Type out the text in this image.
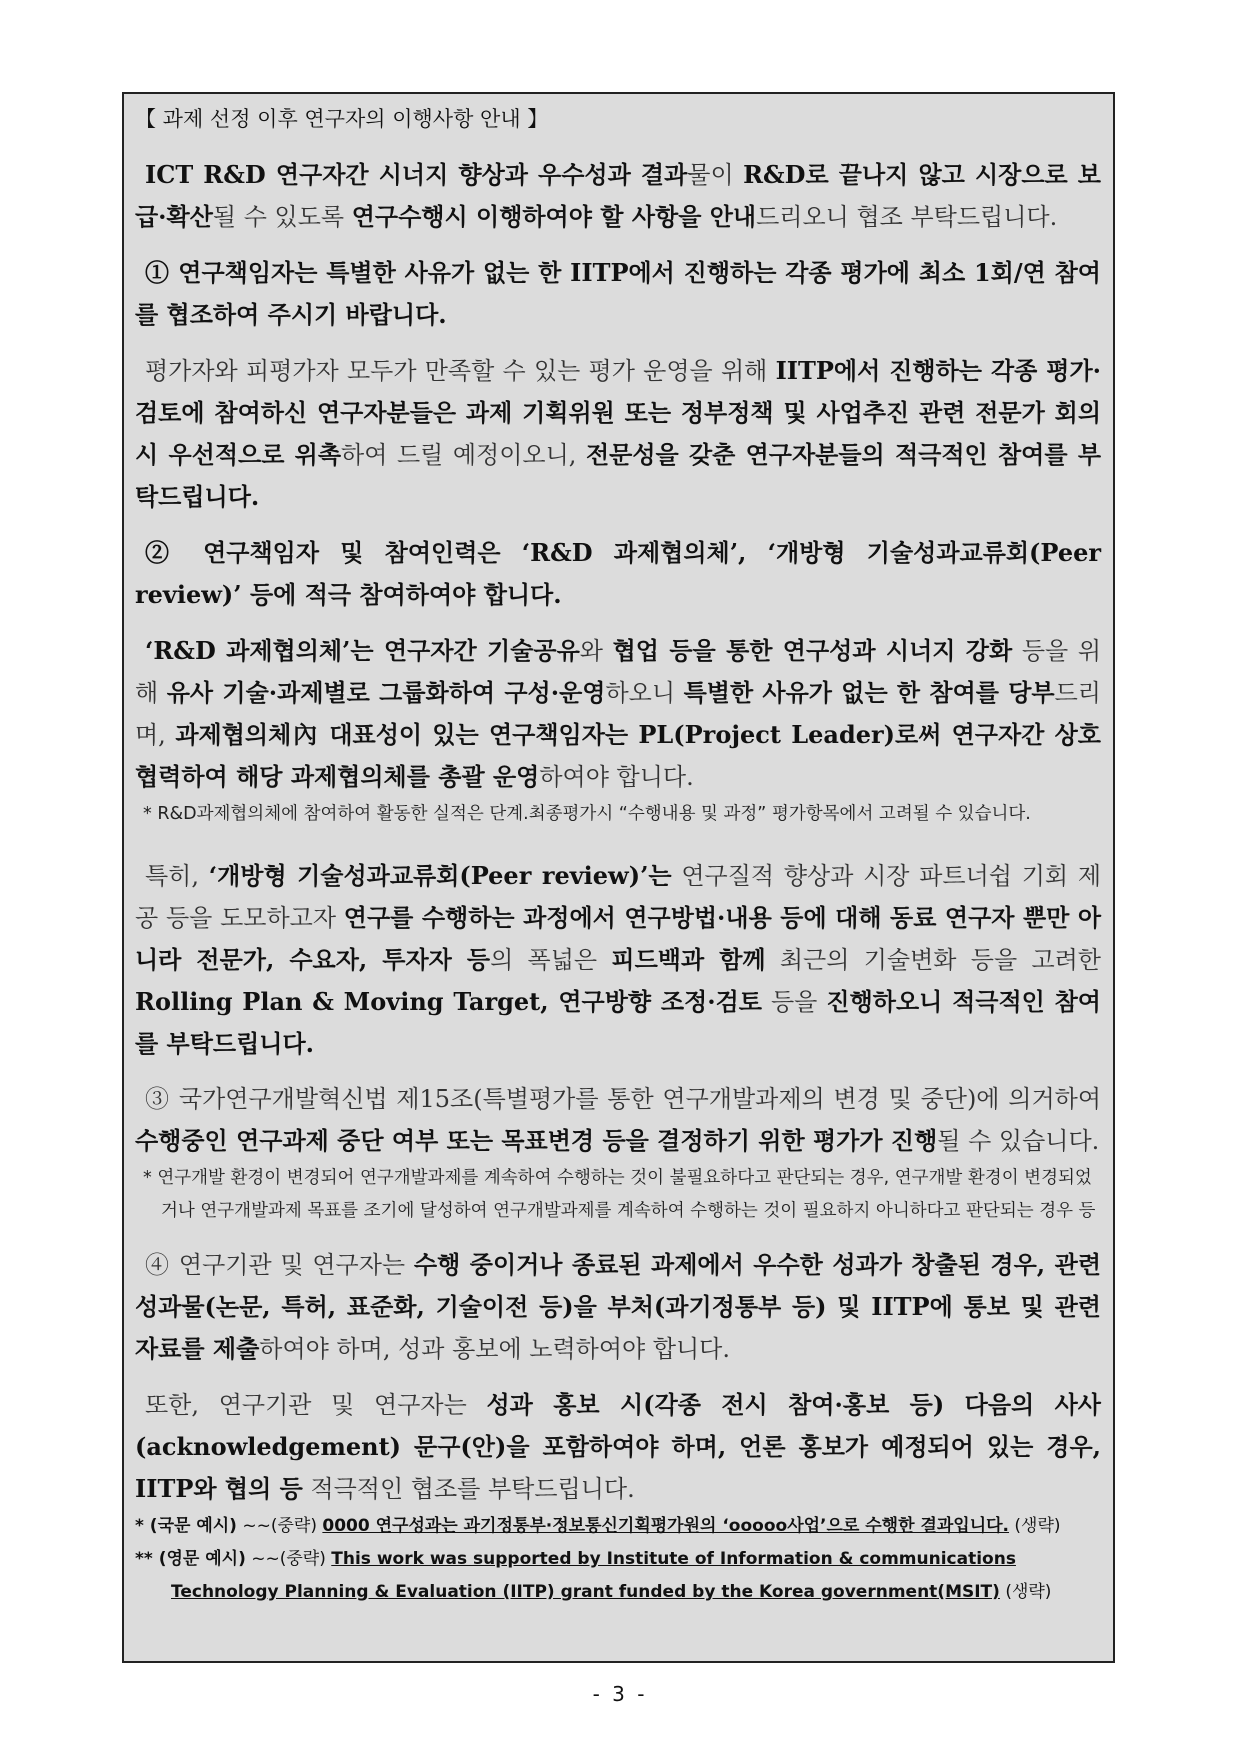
【 과제 선정 이후 연구자의 이행사항 안내 】

ICT R&D 연구자간 시너지 향상과 우수성과 결과물이 R&D로 끝나지 않고 시장으로 보급·확산될 수 있도록 연구수행시 이행하여야 할 사항을 안내드리오니 협조 부탁드립니다.

① 연구책임자는 특별한 사유가 없는 한 IITP에서 진행하는 각종 평가에 최소 1회/연 참여를 협조하여 주시기 바랍니다.

평가자와 피평가자 모두가 만족할 수 있는 평가 운영을 위해 IITP에서 진행하는 각종 평가·검토에 참여하신 연구자분들은 과제 기획위원 또는 정부정책 및 사업추진 관련 전문가 회의시 우선적으로 위촉하여 드릴 예정이오니, 전문성을 갖춘 연구자분들의 적극적인 참여를 부탁드립니다.

② 연구책임자 및 참여인력은 ‘R&D 과제협의체’, ‘개방형 기술성과교류회(Peer review)’ 등에 적극 참여하여야 합니다.

‘R&D 과제협의체’는 연구자간 기술공유와 협업 등을 통한 연구성과 시너지 강화 등을 위해 유사 기술·과제별로 그룹화하여 구성·운영하오니 특별한 사유가 없는 한 참여를 당부드리며, 과제협의체內 대표성이 있는 연구책임자는 PL(Project Leader)로써 연구자간 상호협력하여 해당 과제협의체를 총괄 운영하여야 합니다.

* R&D과제협의체에 참여하여 활동한 실적은 단계.최종평가시 “수행내용 및 과정” 평가항목에서 고려될 수 있습니다.

특히, ‘개방형 기술성과교류회(Peer review)’는 연구질적 향상과 시장 파트너쉽 기회 제공 등을 도모하고자 연구를 수행하는 과정에서 연구방법·내용 등에 대해 동료 연구자 뿐만 아니라 전문가, 수요자, 투자자 등의 폭넓은 피드백과 함께 최근의 기술변화 등을 고려한 Rolling Plan & Moving Target, 연구방향 조정·검토 등을 진행하오니 적극적인 참여를 부탁드립니다.

③ 국가연구개발혁신법 제15조(특별평가를 통한 연구개발과제의 변경 및 중단)에 의거하여 수행중인 연구과제 중단 여부 또는 목표변경 등을 결정하기 위한 평가가 진행될 수 있습니다.

* 연구개발 환경이 변경되어 연구개발과제를 계속하여 수행하는 것이 불필요하다고 판단되는 경우, 연구개발 환경이 변경되었거나 연구개발과제 목표를 조기에 달성하여 연구개발과제를 계속하여 수행하는 것이 필요하지 아니하다고 판단되는 경우 등

④ 연구기관 및 연구자는 수행 중이거나 종료된 과제에서 우수한 성과가 창출된 경우, 관련 성과물(논문, 특허, 표준화, 기술이전 등)을 부처(과기정통부 등) 및 IITP에 통보 및 관련 자료를 제출하여야 하며, 성과 홍보에 노력하여야 합니다.

또한, 연구기관 및 연구자는 성과 홍보 시(각종 전시 참여·홍보 등) 다음의 사사(acknowledgement) 문구(안)을 포함하여야 하며, 언론 홍보가 예정되어 있는 경우, IITP와 협의 등 적극적인 협조를 부탁드립니다.

* (국문 예시) ~~(중략) 0000 연구성과는 과기정통부·정보통신기획평가원의 ‘ooooo사업’으로 수행한 결과입니다. (생략)

** (영문 예시) ~~(중략) This work was supported by Institute of Information & communications Technology Planning & Evaluation (IITP) grant funded by the Korea government(MSIT) (생략)

- 3 -
